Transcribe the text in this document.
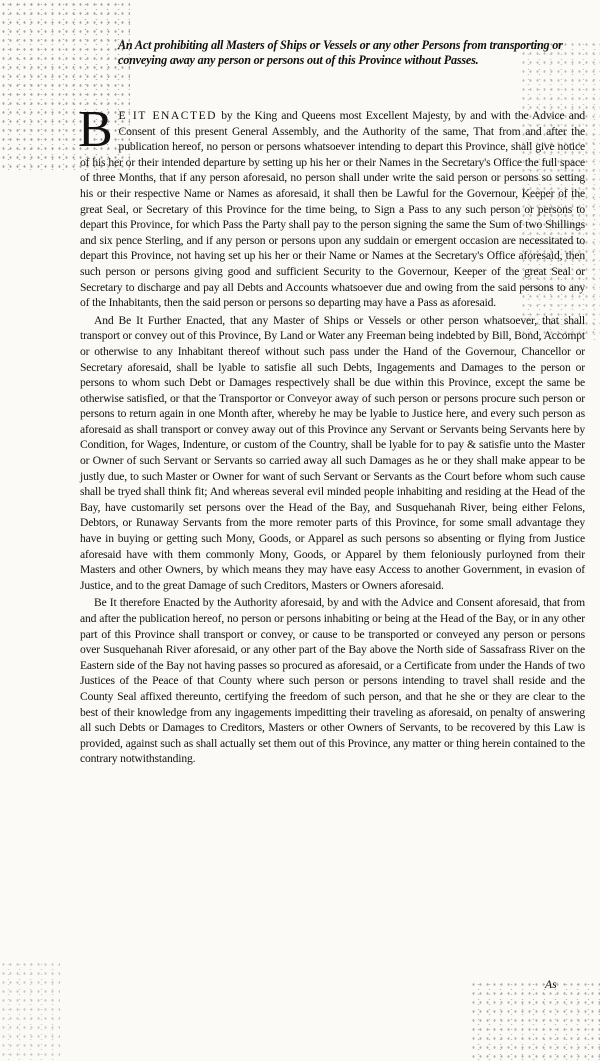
An Act prohibiting all Masters of Ships or Vessels or any other Persons from transporting or conveying away any person or persons out of this Province without Passes.

B E IT ENACTED by the King and Queens most Excellent Majesty, by and with the Advice and Consent of this present General Assembly, and the Authority of the same, That from and after the publication hereof, no person or persons whatsoever intending to depart this Province, shall give notice of his her or their intended departure by setting up his her or their Names in the Secretary's Office the full space of three Months, that if any person aforesaid, no person shall under write the said person or persons so setting his or their respective Name or Names as aforesaid, it shall then be Lawful for the Governour, Keeper of the great Seal, or Secretary of this Province for the time being, to Sign a Pass to any such person or persons to depart this Province, for which Pass the Party shall pay to the person signing the same the Sum of two Shillings and six pence Sterling, and if any person or persons upon any suddain or emergent occasion are necessitated to depart this Province, not having set up his her or their Name or Names at the Secretary's Office aforesaid, then such person or persons giving good and sufficient Security to the Governour, Keeper of the great Seal or Secretary to discharge and pay all Debts and Accounts whatsoever due and owing from the said persons to any of the Inhabitants, then the said person or persons so departing may have a Pass as aforesaid.

And Be It Further Enacted, that any Master of Ships or Vessels or other person whatsoever, that shall transport or convey out of this Province, By Land or Water any Freeman being indebted by Bill, Bond, Accompt or otherwise to any Inhabitant thereof without such pass under the Hand of the Governour, Chancellor or Secretary aforesaid, shall be lyable to satisfie all such Debts, Ingagements and Damages to the person or persons to whom such Debt or Damages respectively shall be due within this Province, except the same be otherwise satisfied, or that the Transportor or Conveyor away of such person or persons procure such person or persons to return again in one Month after, whereby he may be lyable to Justice here, and every such person as aforesaid as shall transport or convey away out of this Province any Servant or Servants being Servants here by Condition, for Wages, Indenture, or custom of the Country, shall be lyable for to pay & satisfie unto the Master or Owner of such Servant or Servants so carried away all such Damages as he or they shall make appear to be justly due, to such Master or Owner for want of such Servant or Servants as the Court before whom such cause shall be tryed shall think fit; And whereas several evil minded people inhabiting and residing at the Head of the Bay, have customarily set persons over the Head of the Bay, and Susquehanah River, being either Felons, Debtors, or Runaway Servants from the more remoter parts of this Province, for some small advantage they have in buying or getting such Mony, Goods, or Apparel as such persons so absenting or flying from Justice aforesaid have with them commonly Mony, Goods, or Apparel by them feloniously purloyned from their Masters and other Owners, by which means they may have easy Access to another Government, in evasion of Justice, and to the great Damage of such Creditors, Masters or Owners aforesaid.

Be It therefore Enacted by the Authority aforesaid, by and with the Advice and Consent aforesaid, that from and after the publication hereof, no person or persons inhabiting or being at the Head of the Bay, or in any other part of this Province shall transport or convey, or cause to be transported or conveyed any person or persons over Susquehanah River aforesaid, or any other part of the Bay above the North side of Sassafrass River on the Eastern side of the Bay not having passes so procured as aforesaid, or a Certificate from under the Hands of two Justices of the Peace of that County where such person or persons intending to travel shall reside and the County Seal affixed thereunto, certifying the freedom of such person, and that he she or they are clear to the best of their knowledge from any ingagements impeditting their traveling as aforesaid, on penalty of answering all such Debts or Damages to Creditors, Masters or other Owners of Servants, to be recovered by this Law is provided, against such as shall actually set them out of this Province, any matter or thing herein contained to the contrary notwithstanding.

As
